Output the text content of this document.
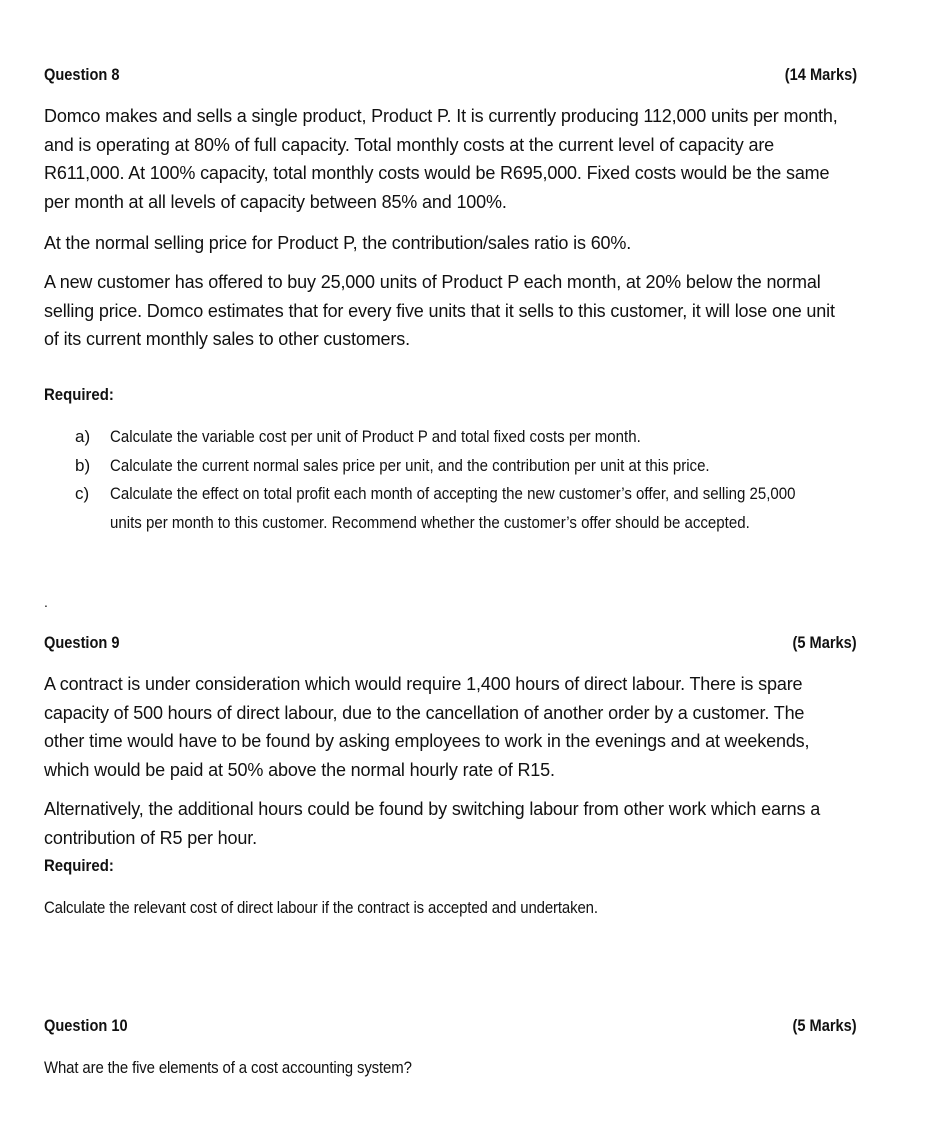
Question 8	(14 Marks)

Domco makes and sells a single product, Product P. It is currently producing 112,000 units per month,
and is operating at 80% of full capacity. Total monthly costs at the current level of capacity are
R611,000. At 100% capacity, total monthly costs would be R695,000. Fixed costs would be the same
per month at all levels of capacity between 85% and 100%.

At the normal selling price for Product P, the contribution/sales ratio is 60%.

A new customer has offered to buy 25,000 units of Product P each month, at 20% below the normal
selling price. Domco estimates that for every five units that it sells to this customer, it will lose one unit
of its current monthly sales to other customers.

Required:
a) Calculate the variable cost per unit of Product P and total fixed costs per month.
b) Calculate the current normal sales price per unit, and the contribution per unit at this price.
c) Calculate the effect on total profit each month of accepting the new customer’s offer, and selling 25,000
units per month to this customer. Recommend whether the customer’s offer should be accepted.
.
Question 9	(5 Marks)

A contract is under consideration which would require 1,400 hours of direct labour. There is spare
capacity of 500 hours of direct labour, due to the cancellation of another order by a customer. The
other time would have to be found by asking employees to work in the evenings and at weekends,
which would be paid at 50% above the normal hourly rate of R15.

Alternatively, the additional hours could be found by switching labour from other work which earns a
contribution of R5 per hour.

Required:
Calculate the relevant cost of direct labour if the contract is accepted and undertaken.
Question 10	(5 Marks)
What are the five elements of a cost accounting system?
